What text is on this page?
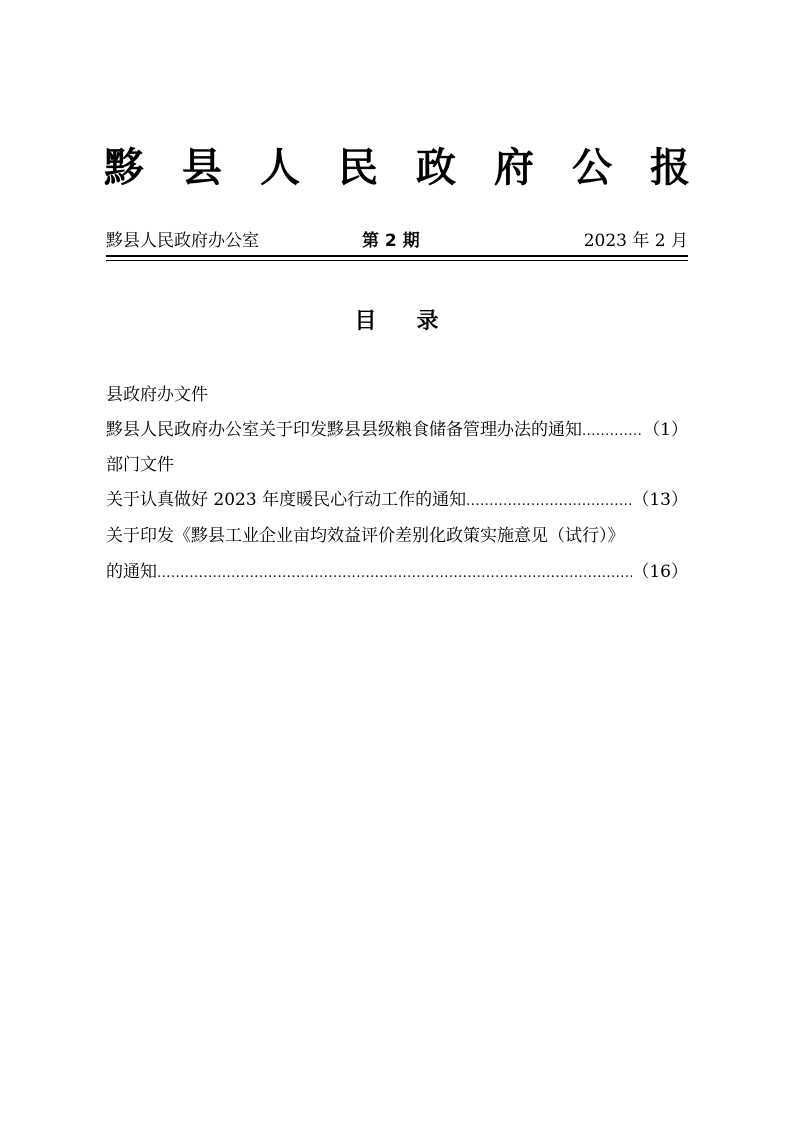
黟 县 人 民 政 府 公 报
黟县人民政府办公室	第 2 期	2023 年 2 月
目录
县政府办文件
黟县人民政府办公室关于印发黟县县级粮食储备管理办法的通知 .....	（1）
部门文件
关于认真做好 2023 年度暖民心行动工作的通知 .....	（13）
关于印发《黟县工业企业亩均效益评价差别化政策实施意见（试行）》
的通知 .....	（16）
